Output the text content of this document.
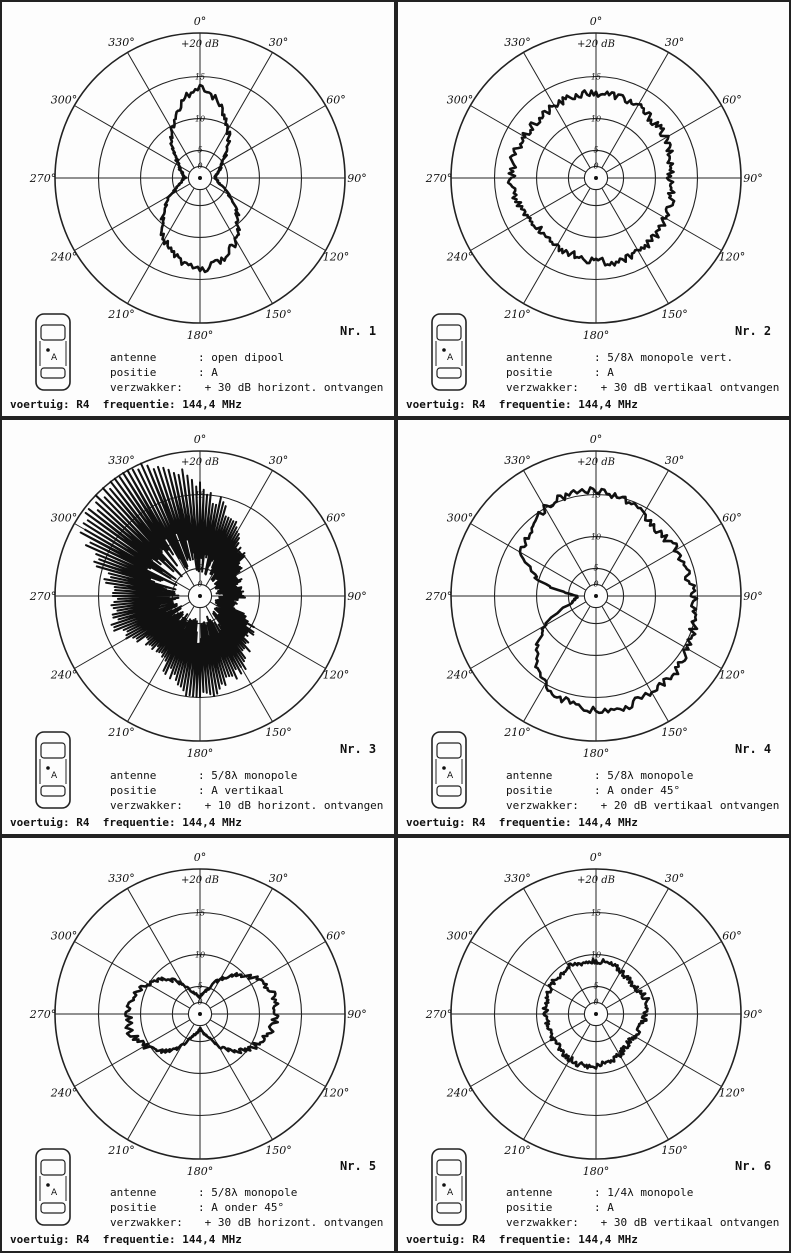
0°
30°
60°
90°
120°
150°
180°
210°
240°
270°
300°
330°
0
5
10
15
+20 dB
A
Nr. 1
antenne	: open dipool
positie	: A
verzwakker: + 30 dB horizont. ontvangen
voertuig: R4  frequentie: 144,4 MHz
0°
30°
60°
90°
120°
150°
180°
210°
240°
270°
300°
330°
0
5
10
15
+20 dB
A
Nr. 2
antenne	: 5/8λ monopole vert.
positie	: A
verzwakker: + 30 dB vertikaal ontvangen
voertuig: R4  frequentie: 144,4 MHz
0°
30°
60°
90°
120°
150°
180°
210°
240°
270°
300°
330°
0
5
10
15
+20 dB
A
Nr. 3
antenne	: 5/8λ monopole
positie	: A vertikaal
verzwakker: + 10 dB horizont. ontvangen
voertuig: R4  frequentie: 144,4 MHz
0°
30°
60°
90°
120°
150°
180°
210°
240°
270°
300°
330°
0
5
10
15
+20 dB
A
Nr. 4
antenne	: 5/8λ monopole
positie	: A onder 45°
verzwakker: + 20 dB vertikaal ontvangen
voertuig: R4  frequentie: 144,4 MHz
0°
30°
60°
90°
120°
150°
180°
210°
240°
270°
300°
330°
0
5
10
15
+20 dB
A
Nr. 5
antenne	: 5/8λ monopole
positie	: A onder 45°
verzwakker: + 30 dB horizont. ontvangen
voertuig: R4  frequentie: 144,4 MHz
0°
30°
60°
90°
120°
150°
180°
210°
240°
270°
300°
330°
0
5
10
15
+20 dB
A
Nr. 6
antenne	: 1/4λ monopole
positie	: A
verzwakker: + 30 dB vertikaal ontvangen
voertuig: R4  frequentie: 144,4 MHz
